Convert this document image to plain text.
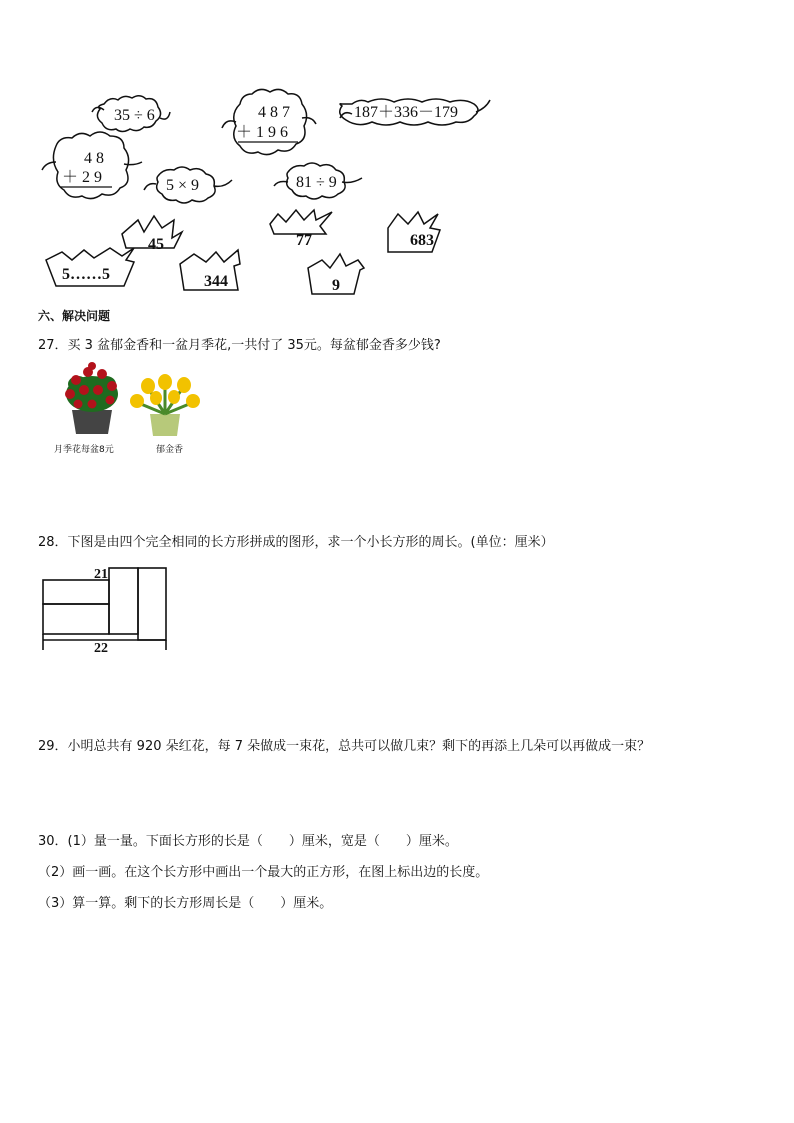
35 ÷ 6	4 8 7
＋ 1 9 6
187＋336－179
4 8
＋ 2 9	5 × 9	81 ÷ 9
45	77	683
5……5	344	9
六、解决问题
27．买 3 盆郁金香和一盆月季花,一共付了 35元。每盆郁金香多少钱?
月季花每盆8元	郁金香
28．下图是由四个完全相同的长方形拼成的图形，求一个小长方形的周长。(单位：厘米）
21
22
29．小明总共有 920 朵红花，每 7 朵做成一束花，总共可以做几束？剩下的再添上几朵可以再做成一束？
30．(1）量一量。下面长方形的长是（　　）厘米，宽是（　　）厘米。
（2）画一画。在这个长方形中画出一个最大的正方形，在图上标出边的长度。
（3）算一算。剩下的长方形周长是（　　）厘米。
